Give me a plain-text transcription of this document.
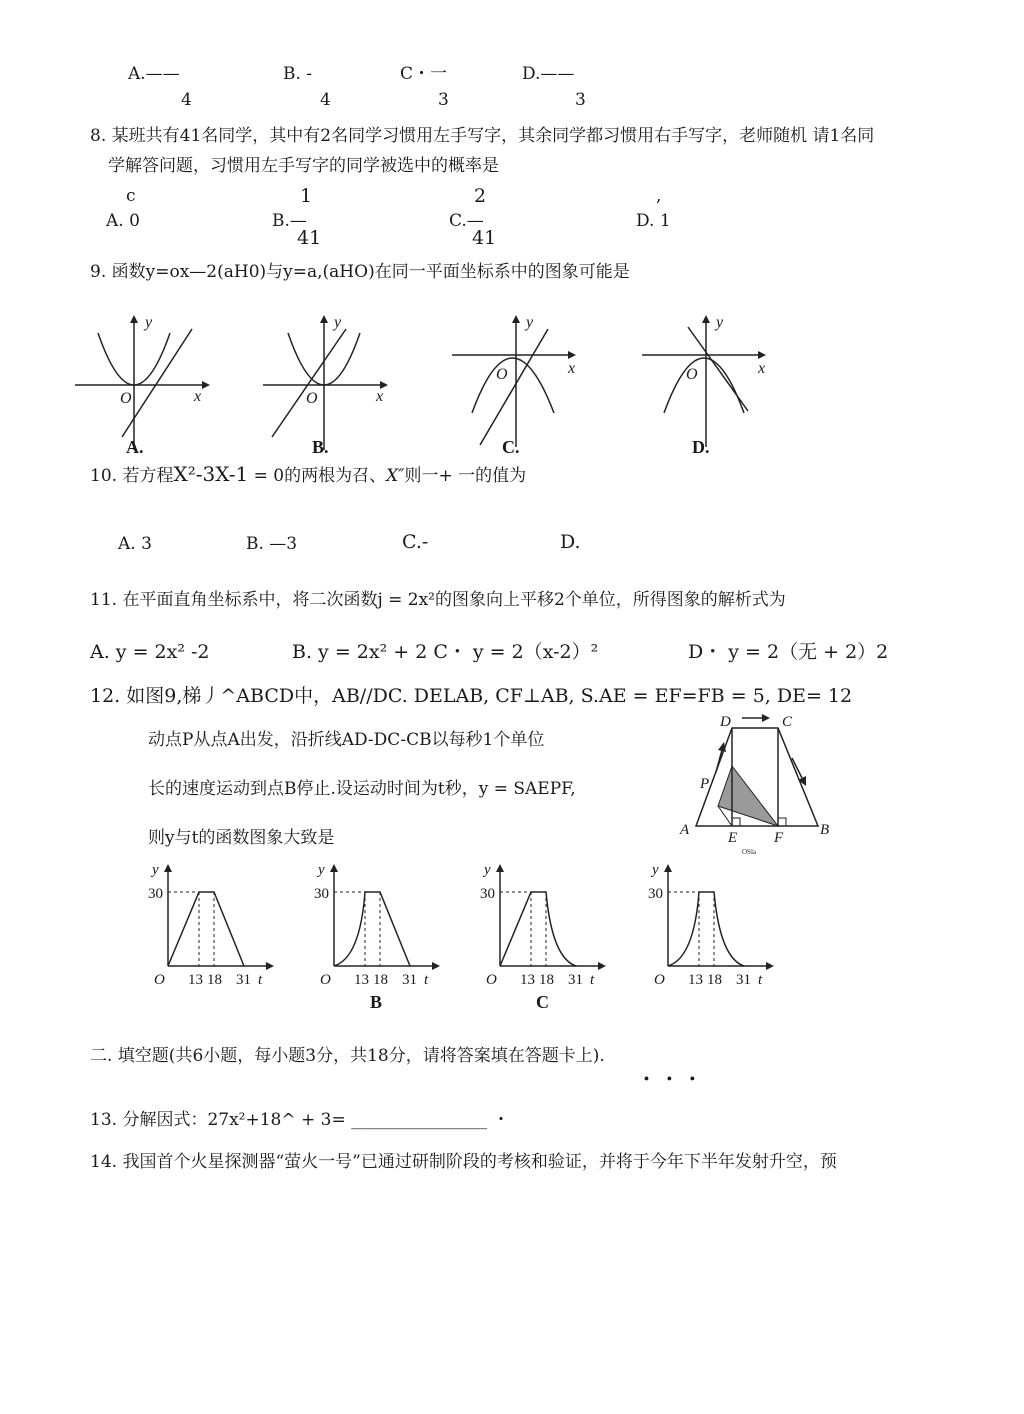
A.——
4
B. -
4
C・一
3
D.——
3
8. 某班共有41名同学，其中有2名同学习惯用左手写字，其余同学都习惯用右手写字，老师随机 请1名同
学解答问题，习惯用左手写字的同学被选中的概率是
c
A. 0
1
B.—
41
2
C.—
41
,
D. 1
9. 函数y=ox—2(aH0)与y=a,(aHO)在同一平面坐标系中的图象可能是
x
y
O
A.
x
y
O
B.
x
y
O
C.
x
y
O
D.
10. 若方程X²-3X-1 = 0的两根为召、X″则一+ 一的值为
A. 3	B. —3	C.-	D.
11. 在平面直角坐标系中，将二次函数j = 2x²的图象向上平移2个单位，所得图象的解析式为
A. y = 2x² -2	B. y = 2x² + 2 C・ y = 2（x-2）²	D・ y = 2（无 + 2）2
12. 如图9,梯丿^ABCD中，AB//DC. DELAB, CF⊥AB, S.AE = EF=FB = 5, DE= 12
动点P从点A出发，沿折线AD-DC-CB以每秒1个单位
长的速度运动到点B停止.设运动时间为t秒，y = SAEPF,
则y与t的函数图象大致是
D	C
P
A	E F B
OSla
y
30
O 13 18 31 t
y
30
O 13 18 31 t
B
y
30
O 13 18 31 t
C
y
30
O 13 18 31 t
二. 填空题(共6小题，每小题3分，共18分，请将答案填在答题卡上).
・ ・ ・
13. 分解因式：27x²+18^ + 3= ________________ ・
14. 我国首个火星探测器“萤火一号”已通过研制阶段的考核和验证，并将于今年下半年发射升空，预
